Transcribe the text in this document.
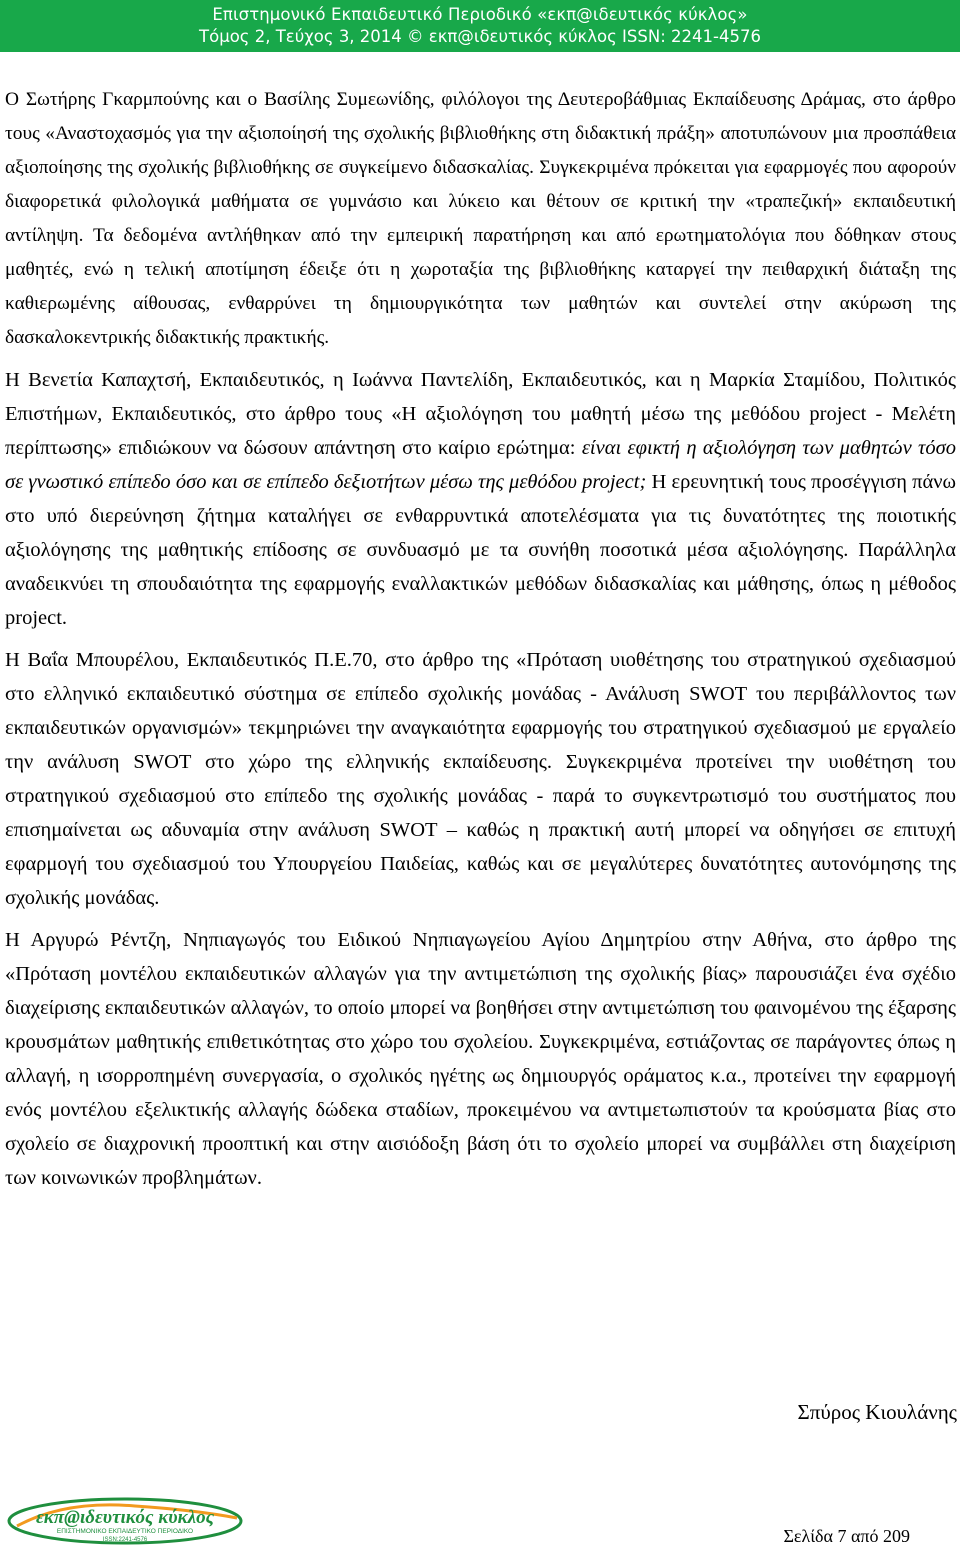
Επιστημονικό Εκπαιδευτικό Περιοδικό «εκπ@ιδευτικός κύκλος»
Τόμος 2, Τεύχος 3, 2014 © εκπ@ιδευτικός κύκλος ISSN: 2241-4576

Ο Σωτήρης Γκαρμπούνης και ο Βασίλης Συμεωνίδης, φιλόλογοι της Δευτεροβάθμιας Εκπαίδευσης Δράμας, στο άρθρο τους «Αναστοχασμός για την αξιοποίησή της σχολικής βιβλιοθήκης στη διδακτική πράξη» αποτυπώνουν μια προσπάθεια αξιοποίησης της σχολικής βιβλιοθήκης σε συγκείμενο διδασκαλίας. Συγκεκριμένα πρόκειται για εφαρμογές που αφορούν διαφορετικά φιλολογικά μαθήματα σε γυμνάσιο και λύκειο και θέτουν σε κριτική την «τραπεζική» εκπαιδευτική αντίληψη. Τα δεδομένα αντλήθηκαν από την εμπειρική παρατήρηση και από ερωτηματολόγια που δόθηκαν στους μαθητές, ενώ η τελική αποτίμηση έδειξε ότι η χωροταξία της βιβλιοθήκης καταργεί την πειθαρχική διάταξη της καθιερωμένης αίθουσας, ενθαρρύνει τη δημιουργικότητα των μαθητών και συντελεί στην ακύρωση της δασκαλοκεντρικής διδακτικής πρακτικής.

Η Βενετία Καπαχτσή, Εκπαιδευτικός, η Ιωάννα Παντελίδη, Εκπαιδευτικός, και η Μαρκία Σταμίδου, Πολιτικός Επιστήμων, Εκπαιδευτικός, στο άρθρο τους «Η αξιολόγηση του μαθητή μέσω της μεθόδου project - Μελέτη περίπτωσης» επιδιώκουν να δώσουν απάντηση στο καίριο ερώτημα: είναι εφικτή η αξιολόγηση των μαθητών τόσο σε γνωστικό επίπεδο όσο και σε επίπεδο δεξιοτήτων μέσω της μεθόδου project; Η ερευνητική τους προσέγγιση πάνω στο υπό διερεύνηση ζήτημα καταλήγει σε ενθαρρυντικά αποτελέσματα για τις δυνατότητες της ποιοτικής αξιολόγησης της μαθητικής επίδοσης σε συνδυασμό με τα συνήθη ποσοτικά μέσα αξιολόγησης. Παράλληλα αναδεικνύει τη σπουδαιότητα της εφαρμογής εναλλακτικών μεθόδων διδασκαλίας και μάθησης, όπως η μέθοδος project.

Η Βαΐα Μπουρέλου, Εκπαιδευτικός Π.Ε.70, στο άρθρο της «Πρόταση υιοθέτησης του στρατηγικού σχεδιασμού στο ελληνικό εκπαιδευτικό σύστημα σε επίπεδο σχολικής μονάδας - Ανάλυση SWOT του περιβάλλοντος των εκπαιδευτικών οργανισμών» τεκμηριώνει την αναγκαιότητα εφαρμογής του στρατηγικού σχεδιασμού με εργαλείο την ανάλυση SWOT στο χώρο της ελληνικής εκπαίδευσης. Συγκεκριμένα προτείνει την υιοθέτηση του στρατηγικού σχεδιασμού στο επίπεδο της σχολικής μονάδας - παρά το συγκεντρωτισμό του συστήματος που επισημαίνεται ως αδυναμία στην ανάλυση SWOT – καθώς η πρακτική αυτή μπορεί να οδηγήσει σε επιτυχή εφαρμογή του σχεδιασμού του Υπουργείου Παιδείας, καθώς και σε μεγαλύτερες δυνατότητες αυτονόμησης της σχολικής μονάδας.

Η Αργυρώ Ρέντζη, Νηπιαγωγός του Ειδικού Νηπιαγωγείου Αγίου Δημητρίου στην Αθήνα, στο άρθρο της «Πρόταση μοντέλου εκπαιδευτικών αλλαγών για την αντιμετώπιση της σχολικής βίας» παρουσιάζει ένα σχέδιο διαχείρισης εκπαιδευτικών αλλαγών, το οποίο μπορεί να βοηθήσει στην αντιμετώπιση του φαινομένου της έξαρσης κρουσμάτων μαθητικής επιθετικότητας στο χώρο του σχολείου. Συγκεκριμένα, εστιάζοντας σε παράγοντες όπως η αλλαγή, η ισορροπημένη συνεργασία, ο σχολικός ηγέτης ως δημιουργός οράματος κ.α., προτείνει την εφαρμογή ενός μοντέλου εξελικτικής αλλαγής δώδεκα σταδίων, προκειμένου να αντιμετωπιστούν τα κρούσματα βίας στο σχολείο σε διαχρονική προοπτική και στην αισιόδοξη βάση ότι το σχολείο μπορεί να συμβάλλει στη διαχείριση των κοινωνικών προβλημάτων.

Σπύρος Κιουλάνης
εκπ@ιδευτικός κύκλος
ΕΠΙΣΤΗΜΟΝΙΚΟ ΕΚΠΑΙΔΕΥΤΙΚΟ ΠΕΡΙΟΔΙΚΟ
ISSN:2241-4576	Σελίδα 7 από 209
